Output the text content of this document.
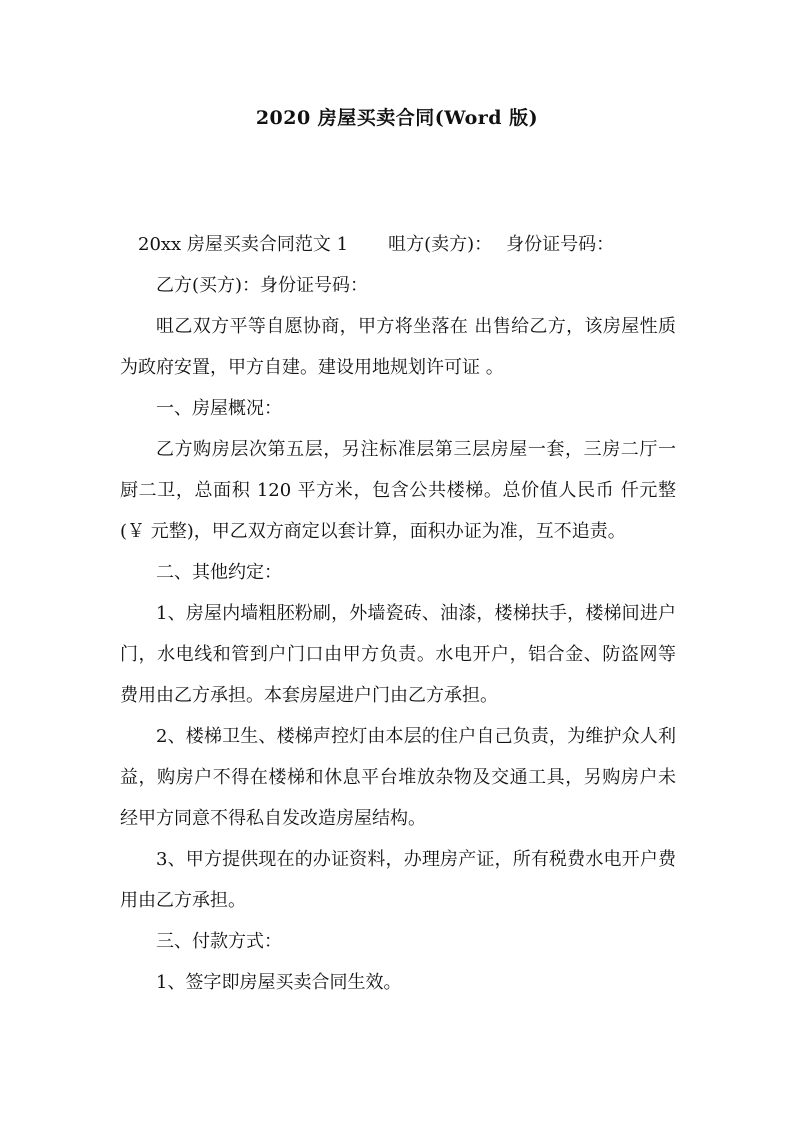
2020 房屋买卖合同(Word 版)

20xx 房屋买卖合同范文 1 咀方(卖方)： 身份证号码：

乙方(买方)：身份证号码：

咀乙双方平等自愿协商，甲方将坐落在 出售给乙方，该房屋性质为政府安置，甲方自建。建设用地规划许可证 。

一、房屋概况：

乙方购房层次第五层，另注标准层第三层房屋一套，三房二厅一厨二卫，总面积 120 平方米，包含公共楼梯。总价值人民币 仟元整(￥ 元整)，甲乙双方商定以套计算，面积办证为准，互不追责。

二、其他约定：

1、房屋内墙粗胚粉刷，外墙瓷砖、油漆，楼梯扶手，楼梯间进户门，水电线和管到户门口由甲方负责。水电开户，铝合金、防盗网等费用由乙方承担。本套房屋进户门由乙方承担。

2、楼梯卫生、楼梯声控灯由本层的住户自己负责，为维护众人利益，购房户不得在楼梯和休息平台堆放杂物及交通工具，另购房户未经甲方同意不得私自发改造房屋结构。

3、甲方提供现在的办证资料，办理房产证，所有税费水电开户费用由乙方承担。

三、付款方式：

1、签字即房屋买卖合同生效。
